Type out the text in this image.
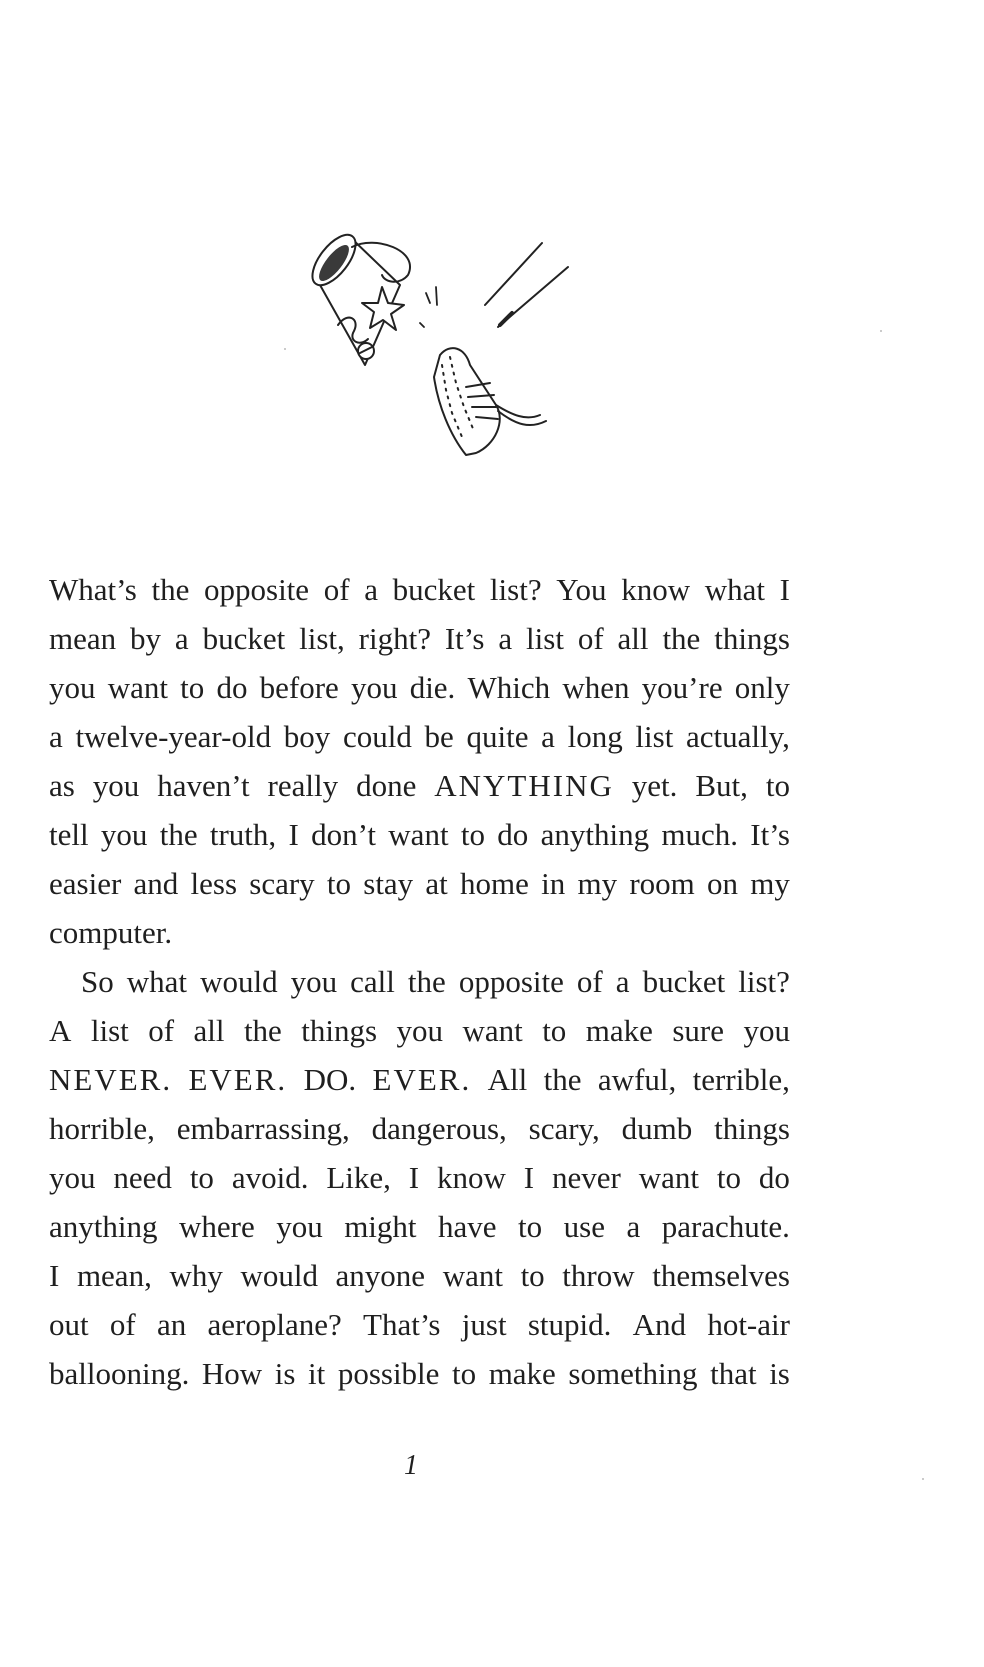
What’s the opposite of a bucket list? You know what I
mean by a bucket list, right? It’s a list of all the things
you want to do before you die. Which when you’re only
a twelve-year-old boy could be quite a long list actually,
as you haven’t really done ANYTHING yet. But, to
tell you the truth, I don’t want to do anything much. It’s
easier and less scary to stay at home in my room on my
computer.
So what would you call the opposite of a bucket list?
A list of all the things you want to make sure you
NEVER. EVER. DO. EVER. All the awful, terrible,
horrible, embarrassing, dangerous, scary, dumb things
you need to avoid. Like, I know I never want to do
anything where you might have to use a parachute.
I mean, why would anyone want to throw themselves
out of an aeroplane? That’s just stupid. And hot-air
ballooning. How is it possible to make something that is
1
